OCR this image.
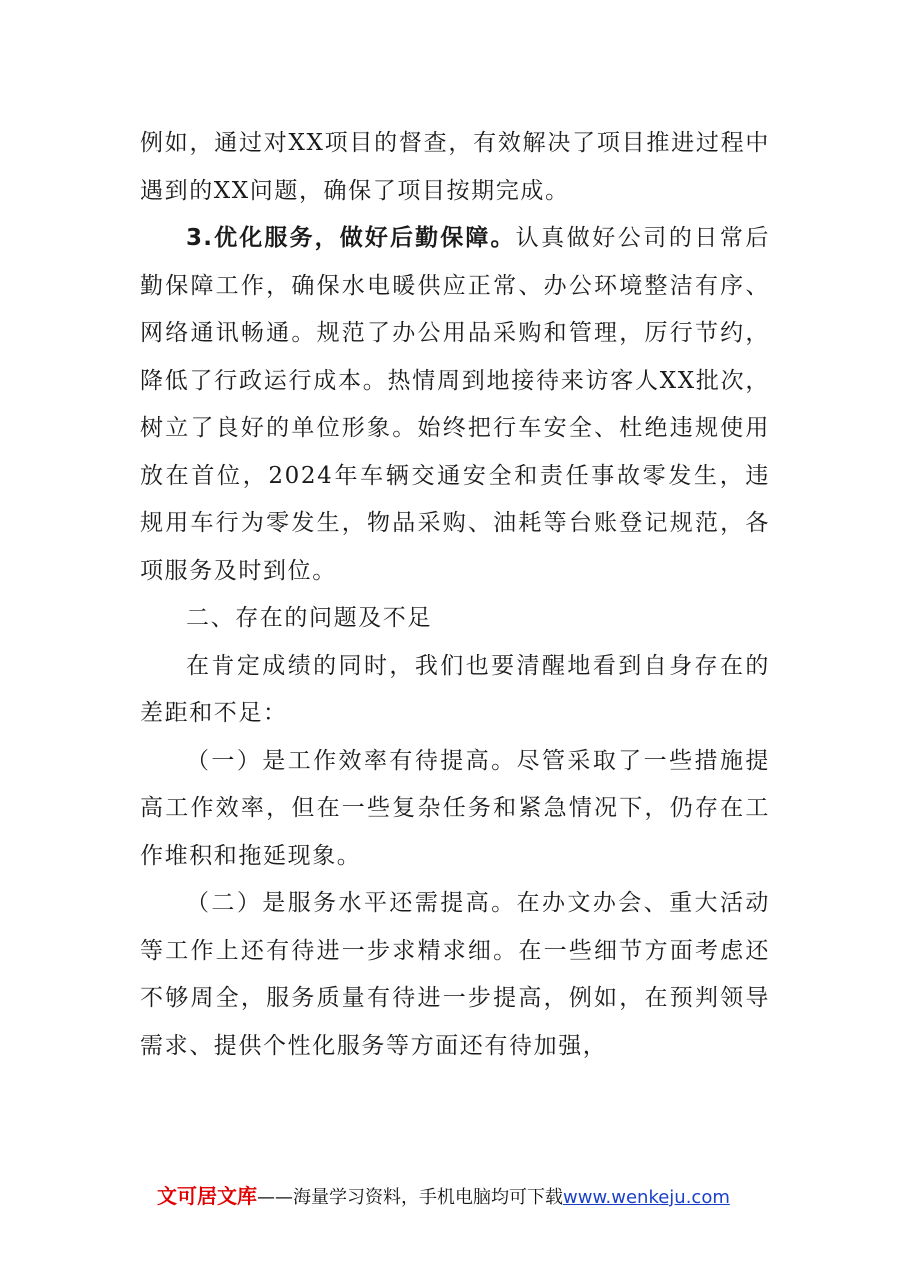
例如，通过对XX项目的督查，有效解决了项目推进过程中遇到的XX问题，确保了项目按期完成。

3.优化服务，做好后勤保障。认真做好公司的日常后勤保障工作，确保水电暖供应正常、办公环境整洁有序、网络通讯畅通。规范了办公用品采购和管理，厉行节约，降低了行政运行成本。热情周到地接待来访客人XX批次，树立了良好的单位形象。始终把行车安全、杜绝违规使用放在首位，2024年车辆交通安全和责任事故零发生，违规用车行为零发生，物品采购、油耗等台账登记规范，各项服务及时到位。

二、存在的问题及不足

在肯定成绩的同时，我们也要清醒地看到自身存在的差距和不足：

（一）是工作效率有待提高。尽管采取了一些措施提高工作效率，但在一些复杂任务和紧急情况下，仍存在工作堆积和拖延现象。

（二）是服务水平还需提高。在办文办会、重大活动等工作上还有待进一步求精求细。在一些细节方面考虑还不够周全，服务质量有待进一步提高，例如，在预判领导需求、提供个性化服务等方面还有待加强，

文可居文库——海量学习资料，手机电脑均可下载www.wenkeju.com
